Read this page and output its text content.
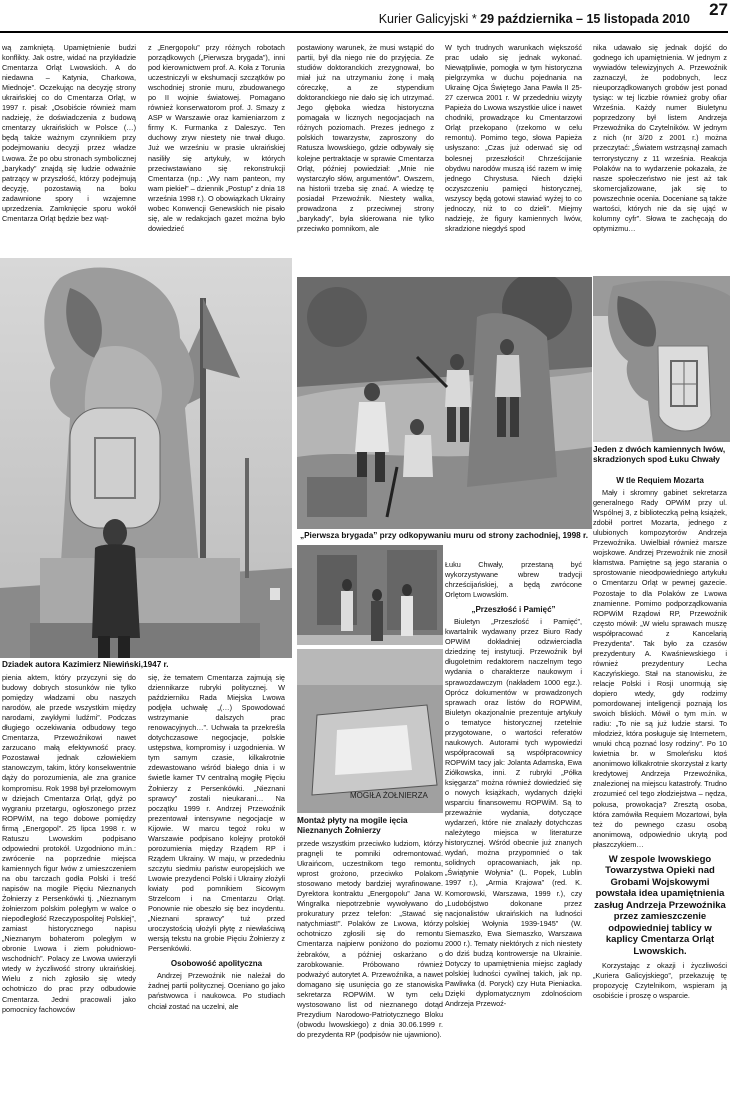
Kurier Galicyjski * 29 października – 15 listopada 2010 27

wą zamkniętą. Upamiętnienie budzi konflikty. Jak ostre, widać na przykładzie Cmentarza Orląt Lwowskich. A do niedawna – Katynia, Charkowa, Miednoje”. Oczekując na decyzję strony ukraińskiej co do Cmentarza Orląt, w 1997 r. pisał: „Osobiście również mam nadzieję, że doświadczenia z budową cmentarzy ukraińskich w Polsce (…) będą także ważnym czynnikiem przy podejmowaniu decyzji przez władze Lwowa. Że po obu stronach symbolicznej „barykady” znajdą się ludzie odważnie patrzący w przyszłość, którzy podejmują decyzję, pozostawią na boku zadawnione spory i wzajemne uprzedzenia. Zamknięcie sporu wokół Cmentarza Orląt będzie bez wąt-

z „Energopolu” przy różnych robotach porządkowych („Pierwsza brygada”), inni pod kierownictwem prof. A. Koła z Torunia uczestniczyli w ekshumacji szczątków po wschodniej stronie muru, zbudowanego po II wojnie światowej. Pomagano również konserwatorom prof. J. Smazy z ASP w Warszawie oraz kamieniarzom z firmy K. Furmanka z Daleszyc. Ten duchowy zryw niestety nie trwał długo. Już we wrześniu w prasie ukraińskiej nasiliły się artykuły, w których przeciwstawiano się rekonstrukcji Cmentarza (np.: „Wy nam panteon, my wam piekieł” – dziennik „Postup” z dnia 18 września 1998 r.). O obowiązkach Ukrainy wobec Konwencji Genewskich nie pisało się, ale w redakcjach gazet można było dowiedzieć

postawiony warunek, że musi wstąpić do partii, był dla niego nie do przyjęcia. Ze studiów doktoranckich zrezygnował, bo miał już na utrzymaniu żonę i małą córeczkę, a ze stypendium doktoranckiego nie dało się ich utrzymać. Jego głęboka wiedza historyczna pomagała w licznych negocjacjach na różnych poziomach. Prezes jednego z polskich towarzystw, zaproszony do Ratusza lwowskiego, gdzie odbywały się kolejne pertraktacje w sprawie Cmentarza Orląt, później powiedział: „Mnie nie wystarczyło słów, argumentów”. Owszem, na historii trzeba się znać. A wiedzę tę posiadał Przewoźnik. Niestety walka, prowadzona z przeciwnej strony „barykady”, była skierowana nie tylko przeciwko pomnikom, ale

W tych trudnych warunkach większość prac udało się jednak wykonać. Niewątpliwie, pomogła w tym historyczna pielgrzymka w duchu pojednania na Ukrainę Ojca Świętego Jana Pawła II 25-27 czerwca 2001 r. W przededniu wizyty Papieża do Lwowa wszystkie ulice i nawet chodniki, prowadzące ku Cmentarzowi Orląt przekopano (rzekomo w celu remontu). Pomimo tego, słowa Papieża usłyszano: „Czas już oderwać się od bolesnej przeszłości! Chrześcijanie obydwu narodów muszą iść razem w imię jednego Chrystusa. Niech dzięki oczyszczeniu pamięci historycznej, wszyscy będą gotowi stawiać wyżej to co jednoczy, niż to co dzieli”. Miejmy nadzieję, że figury kamiennych lwów, skradzione niegdyś spod

nika udawało się jednak dojść do godnego ich upamiętnienia. W jednym z wywiadów telewizyjnych A. Przewoźnik zaznaczył, że podobnych, lecz nieuporządkowanych grobów jest ponad tysiąc: w tej liczbie również groby ofiar Września. Każdy numer Biuletynu poprzedzony był listem Andrzeja Przewoźnika do Czytelników. W jednym z nich (nr 3/20 z 2001 r.) można przeczytać: „Światem wstrząsnął zamach terrorystyczny z 11 września. Reakcja Polaków na to wydarzenie pokazała, że nasze społeczeństwo nie jest aż tak skomercjalizowane, jak się to powszechnie ocenia. Doceniane są także wartości, których nie da się ująć w kolumny cyfr”. Słowa te zachęcają do optymizmu…

Dziadek autora Kazimierz Niewiński,1947 r.
„Pierwsza brygada” przy odkopywaniu muru od strony zachodniej, 1998 r.
Jeden z dwóch kamiennych lwów, skradzionych spod Łuku Chwały
MOGIŁA ŻOŁNIERZA
Montaż płyty na mogile ięcia Nieznanych Żołnierzy

pienia aktem, który przyczyni się do budowy dobrych stosunków nie tylko pomiędzy władzami obu naszych narodów, ale przede wszystkim między narodami, zwykłymi ludźmi”. Podczas długiego oczekiwania odbudowy tego Cmentarza, Przewoźnikowi nawet zarzucano małą efektywność pracy. Pozostawał jednak człowiekiem stanowczym, takim, który konsekwentnie dąży do porozumienia, ale zna granice kompromisu. Rok 1998 był przełomowym w dziejach Cmentarza Orląt, gdyż po wygraniu przetargu, ogłoszonego przez ROPWiM, na tego dobowe pomiędzy firmą „Energopol”. 25 lipca 1998 r. w Ratuszu Lwowskim podpisano odpowiedni protokół. Uzgodniono m.in.: zwrócenie na poprzednie miejsca kamiennych figur lwów z umieszczeniem na obu tarczach godła Polski i treść napisów na mogile Pięciu Nieznanych Żołnierzy z Persenkówki tj. „Nieznanym żołnierzom polskim poległym w walce o niepodległość Rzeczypospolitej Polskiej”, zamiast historycznego napisu „Nieznanym bohaterom poległym w obronie Lwowa i ziem południowo-wschodnich”. Polacy ze Lwowa uwierzyli wtedy w życzliwość strony ukraińskiej. Wielu z nich zgłosiło się wtedy ochotniczo do prac przy odbudowie Cmentarza. Jedni pracowali jako pomocnicy fachowców

się, że tematem Cmentarza zajmują się dziennikarze rubryki politycznej. W październiku Rada Miejska Lwowa podjęła uchwałę „(…) Spowodować wstrzymanie dalszych prac renowacyjnych…”. Uchwała ta przekreśla dotychczasowe negocjacje, polskie ustępstwa, kompromisy i uzgodnienia. W tym samym czasie, kilkakrotnie zdewastowano wśród białego dnia i w świetle kamer TV centralną mogiłę Pięciu Żołnierzy z Persenkówki. „Nieznani sprawcy” zostali nieukarani… Na początku 1999 r. Andrzej Przewoźnik prezentował intensywne negocjacje w Kijowie. W marcu tegoż roku w Warszawie podpisano kolejny protokół porozumienia między Rządem RP i Rządem Ukrainy. W maju, w przededniu szczytu siedmiu państw europejskich we Lwowie prezydenci Polski i Ukrainy złożyli kwiaty pod pomnikiem Sicowym Strzelcom i na Cmentarzu Orląt. Ponownie nie obeszło się bez incydentu. „Nieznani sprawcy” tuż przed uroczystością ułożyli płytę z niewłaściwą wersją tekstu na grobie Pięciu Żołnierzy z Persenkówki.

Osobowość apolityczna

Andrzej Przewoźnik nie należał do żadnej partii politycznej. Oceniano go jako państwowca i naukowca. Po studiach chciał zostać na uczelni, ale

przede wszystkim przeciwko ludziom, którzy pragnęli te pomniki odremontować. Ukraińcom, uczestnikom tego remontu, wprost grożono, przeciwko Polakom stosowano metody bardziej wyrafinowane. Dyrektora kontraktu „Energopolu” Jana W. Wingralka niepotrzebnie wywoływano do prokuratury przez telefon: „Stawać się natychmiast!”. Polaków ze Lwowa, którzy ochotniczo zgłosili się do remontu Cmentarza najpierw poniżono do poziomu żebraków, a później oskarżano o zarobkowanie. Próbowano również podważyć autorytet A. Przewoźnika, a nawet domagano się usunięcia go ze stanowiska sekretarza ROPWiM. W tym celu wystosowano list od nieznanego dotąd Prezydium Narodowo-Patriotycznego Bloku (obwodu lwowskiego) z dnia 30.06.1999 r. do prezydenta RP (podpisów nie ujawniono).

Łuku Chwały, przestaną być wykorzystywane wbrew tradycji chrześcijańskiej, a będą zwrócone Orlętom Lwowskim.

„Przeszłość i Pamięć”

Biuletyn „Przeszłość i Pamięć”, kwartalnik wydawany przez Biuro Rady OPWiM dokładniej odzwierciadla dziedzinę tej instytucji. Przewoźnik był długoletnim redaktorem naczelnym tego wydania o charakterze naukowym i sprawozdawczym (nakładem 1000 egz.). Oprócz dokumentów w prowadzonych sprawach oraz listów do ROPWiM, Biuletyn okazjonalnie prezentuje artykuły o tematyce historycznej rzetelnie przygotowane, o wartości referatów naukowych. Autorami tych wypowiedzi współpracowali są współpracownicy ROPWiM tacy jak: Jolanta Adamska, Ewa Ziółkowska, inni. Z rubryki „Półka księgarza” można również dowiedzieć się o nowych książkach, wydanych dzięki wsparciu finansowemu ROPWiM. Są to przeważnie wydania, dotyczące wydarzeń, które nie znalazły dotychczas należytego miejsca w literaturze historycznej. Wśród obecnie już znanych wydań, można przypomnieć o tak solidnych opracowaniach, jak np. „Świątynie Wołynia” (L. Popek, Lublin 1997 r.), „Armia Krajowa” (red. K. Komorowski, Warszawa, 1999 r.), czy „Ludobójstwo dokonane przez nacjonalistów ukraińskich na ludności polskiej Wołynia 1939-1945” (W. Siemaszko, Ewa Siemaszko, Warszawa 2000 r.). Tematy niektórych z nich niestety do dziś budzą kontrowersje na Ukrainie. Dotyczy to upamiętnienia miejsc zagłady polskiej ludności cywilnej takich, jak np. Pawliwka (d. Poryck) czy Huta Pieniacka. Dzięki dyplomatycznym zdolnościom Andrzeja Przewoź-

W tle Requiem Mozarta

Mały i skromny gabinet sekretarza generalnego Rady OPWiM przy ul. Wspólnej 3, z biblioteczką pełną książek, zdobił portret Mozarta, jednego z ulubionych kompozytorów Andrzeja Przewoźnika. Uwielbiał również marsze wojskowe. Andrzej Przewoźnik nie znosił kłamstwa. Pamiętne są jego starania o sprostowanie nieodpowiedniego artykułu o Cmentarzu Orląt w pewnej gazecie. Pozostaje to dla Polaków ze Lwowa znamienne. Pomimo podporządkowania ROPWiM Rządowi RP, Przewoźnik często mówił: „W wielu sprawach muszę współpracować z Kancelarią Prezydenta”. Tak było za czasów prezydentury A. Kwaśniewskiego i również prezydentury Lecha Kaczyńskiego. Stał na stanowisku, że relacje Polski i Rosji unormują się dopiero wtedy, gdy rodzimy pomordowanej inteligencji poznają los swoich bliskich. Mówił o tym m.in. w radiu: „To nie są już ludzie starsi. To młodzież, która posługuje się Internetem, wnuki chcą poznać losy rodziny”. Po 10 kwietnia br. w Smoleńsku ktoś anonimowo kilkakrotnie skorzystał z karty kredytowej Andrzeja Przewoźnika, znalezionej na miejscu katastrofy. Trudno zrozumieć cel tego złodziejstwa – nędza, pokusa, prowokacja? Zresztą osoba, która zamówiła Requiem Mozartowi, była też do pewnego czasu osobą anonimową, odpowiednio ukrytą pod płaszczykiem…

W zespole lwowskiego Towarzystwa Opieki nad Grobami Wojskowymi powstała idea upamiętnienia zasług Andrzeja Przewoźnika przez zamieszczenie odpowiedniej tablicy w kaplicy Cmentarza Orląt Lwowskich.

Korzystając z okazji i życzliwości „Kuriera Galicyjskiego”, przekazuję tę propozycję Czytelnikom, wspieram ją osobiście i proszę o wsparcie.
